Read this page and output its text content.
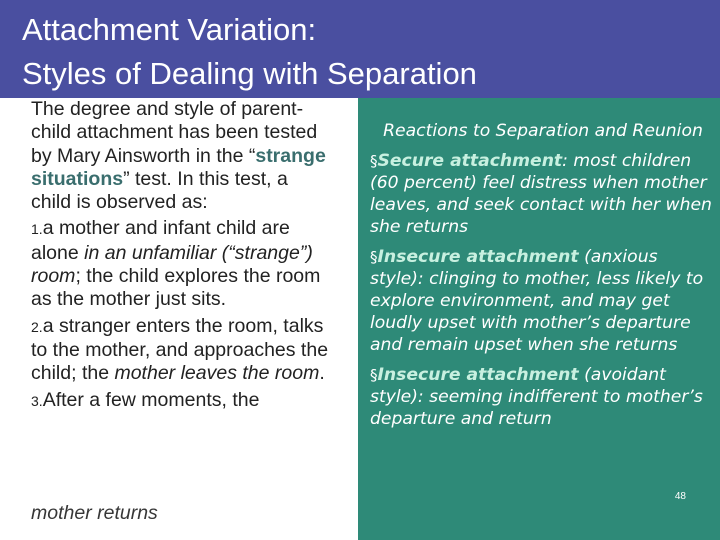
Attachment Variation:
Styles of Dealing with Separation

The degree and style of parent-child attachment has been tested by Mary Ainsworth in the “strange situations” test. In this test, a child is observed as:

1.a mother and infant child are alone in an unfamiliar (“strange”) room; the child explores the room as the mother just sits.

2.a stranger enters the room, talks to the mother, and approaches the child; the mother leaves the room.

3.After a few moments, the

mother returns

Reactions to Separation and Reunion

§Secure attachment: most children (60 percent) feel distress when mother leaves, and seek contact with her when she returns

§Insecure attachment (anxious style): clinging to mother, less likely to explore environment, and may get loudly upset with mother’s departure and remain upset when she returns

§Insecure attachment (avoidant style): seeming indifferent to mother’s departure and return

48
